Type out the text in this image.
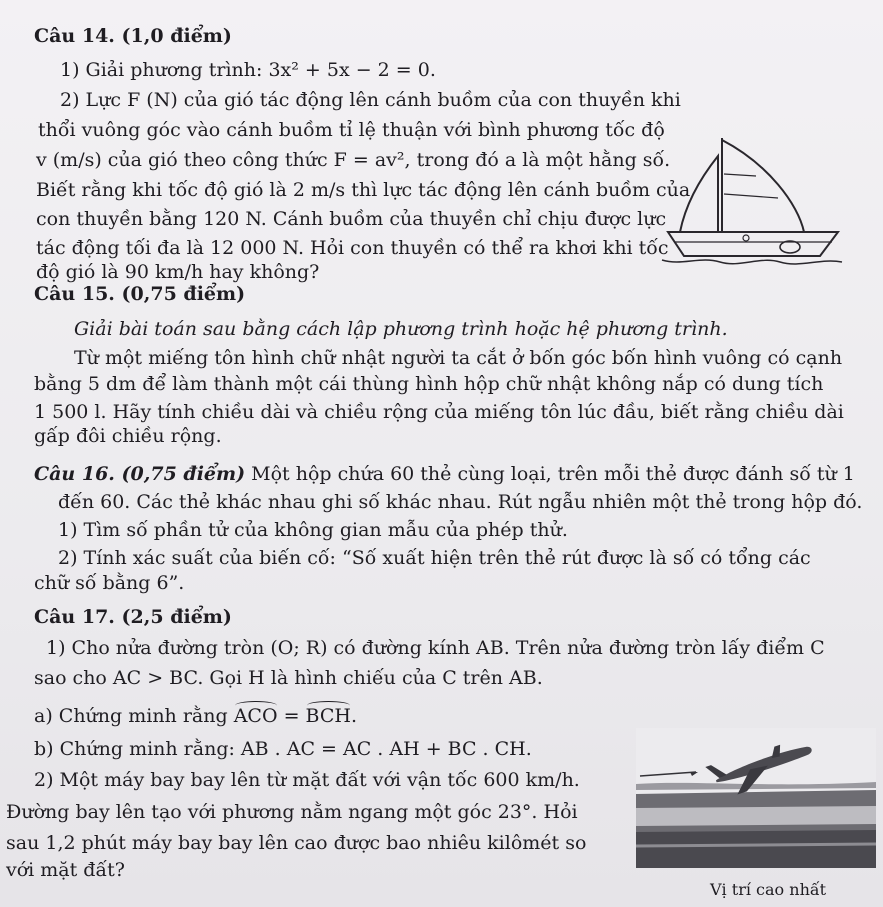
Câu 14. (1,0 điểm)
1) Giải phương trình: 3x² + 5x − 2 = 0.
2) Lực F (N) của gió tác động lên cánh buồm của con thuyền khi
thổi vuông góc vào cánh buồm tỉ lệ thuận với bình phương tốc độ
v (m/s) của gió theo công thức F = av², trong đó a là một hằng số.
Biết rằng khi tốc độ gió là 2 m/s thì lực tác động lên cánh buồm của
con thuyền bằng 120 N. Cánh buồm của thuyền chỉ chịu được lực
tác động tối đa là 12 000 N. Hỏi con thuyền có thể ra khơi khi tốc
độ gió là 90 km/h hay không?
Câu 15. (0,75 điểm)
Giải bài toán sau bằng cách lập phương trình hoặc hệ phương trình.
Từ một miếng tôn hình chữ nhật người ta cắt ở bốn góc bốn hình vuông có cạnh
bằng 5 dm để làm thành một cái thùng hình hộp chữ nhật không nắp có dung tích
1 500 l. Hãy tính chiều dài và chiều rộng của miếng tôn lúc đầu, biết rằng chiều dài
gấp đôi chiều rộng.
Câu 16. (0,75 điểm) Một hộp chứa 60 thẻ cùng loại, trên mỗi thẻ được đánh số từ 1
đến 60. Các thẻ khác nhau ghi số khác nhau. Rút ngẫu nhiên một thẻ trong hộp đó.
1) Tìm số phần tử của không gian mẫu của phép thử.
2) Tính xác suất của biến cố: “Số xuất hiện trên thẻ rút được là số có tổng các
chữ số bằng 6”.
Câu 17. (2,5 điểm)
1) Cho nửa đường tròn (O; R) có đường kính AB. Trên nửa đường tròn lấy điểm C
sao cho AC > BC. Gọi H là hình chiếu của C trên AB.
a) Chứng minh rằng ACO = BCH.
b) Chứng minh rằng: AB . AC = AC . AH + BC . CH.
2) Một máy bay bay lên từ mặt đất với vận tốc 600 km/h.
Đường bay lên tạo với phương nằm ngang một góc 23°. Hỏi
sau 1,2 phút máy bay bay lên cao được bao nhiêu kilômét so
với mặt đất?
Vị trí cao nhất
